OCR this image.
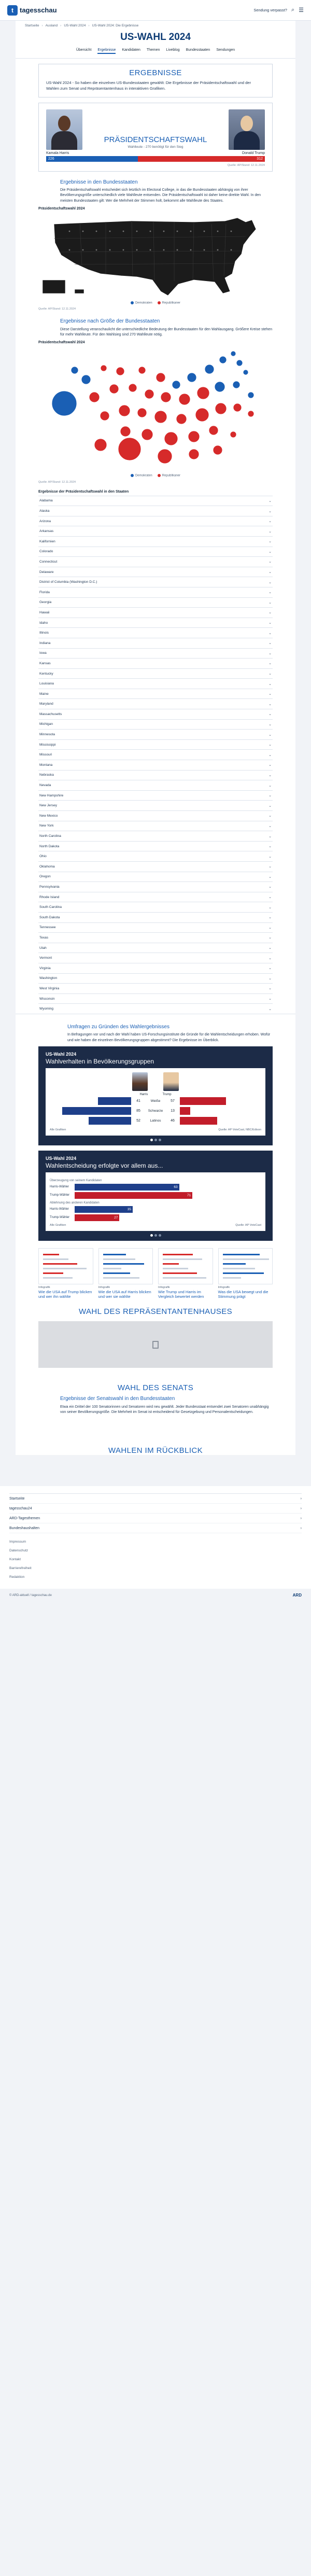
t tagesschau	Sendung verpasst? ⌕ ☰
Startseite › Ausland › US-Wahl 2024 › US-Wahl 2024: Die Ergebnisse
US-WAHL 2024
Übersicht Ergebnisse Kandidaten Themen Liveblog Bundesstaaten Sendungen
ERGEBNISSE

US-Wahl 2024 - So haben die einzelnen US-Bundesstaaten gewählt: Die Ergebnisse der Präsidentschaftswahl und der Wahlen zum Senat und Repräsentantenhaus in interaktiven Grafiken.

PRÄSIDENTSCHAFTSWAHL
Wahlleute - 270 benötigt für den Sieg
Kamala Harris	Donald Trump
226	312
Quelle: AP/Stand: 12.11.2024
Ergebnisse in den Bundesstaaten

Die Präsidentschaftswahl entscheidet sich letztlich im Electoral College, in das die Bundesstaaten abhängig von ihrer Bevölkerungsgröße unterschiedlich viele Wahlleute entsenden. Die Präsidentschaftswahl ist daher keine direkte Wahl. In den meisten Bundesstaaten gilt: Wer die Mehrheit der Stimmen holt, bekommt alle Wahlleute des Staates.

Präsidentschaftswahl 2024
Demokraten	Republikaner
Quelle: AP/Stand: 12.11.2024
Ergebnisse nach Größe der Bundesstaaten

Diese Darstellung veranschaulicht die unterschiedliche Bedeutung der Bundesstaaten für den Wahlausgang. Größere Kreise stehen für mehr Wahlleute. Für den Wahlsieg sind 270 Wahlleute nötig.

Präsidentschaftswahl 2024
Demokraten	Republikaner
Quelle: AP/Stand: 12.11.2024
Ergebnisse der Präsidentschaftswahl in den Staaten
Alabama	⌄
Alaska	⌄
Arizona	⌄
Arkansas	⌄
Kalifornien	⌄
Colorado	⌄
Connecticut	⌄
Delaware	⌄
District of Columbia (Washington D.C.)	⌄
Florida	⌄
Georgia	⌄
Hawaii	⌄
Idaho	⌄
Illinois	⌄
Indiana	⌄
Iowa	⌄
Kansas	⌄
Kentucky	⌄
Louisiana	⌄
Maine	⌄
Maryland	⌄
Massachusetts	⌄
Michigan	⌄
Minnesota	⌄
Mississippi	⌄
Missouri	⌄
Montana	⌄
Nebraska	⌄
Nevada	⌄
New Hampshire	⌄
New Jersey	⌄
New Mexico	⌄
New York	⌄
North Carolina	⌄
North Dakota	⌄
Ohio	⌄
Oklahoma	⌄
Oregon	⌄
Pennsylvania	⌄
Rhode Island	⌄
South Carolina	⌄
South Dakota	⌄
Tennessee	⌄
Texas	⌄
Utah	⌄
Vermont	⌄
Virginia	⌄
Washington	⌄
West Virginia	⌄
Wisconsin	⌄
Wyoming	⌄
Umfragen zu Gründen des Wahlergebnisses

In Befragungen vor und nach der Wahl haben US-Forschungsinstitute die Gründe für die Wahlentscheidungen erhoben. Wofür und wie haben die einzelnen Bevölkerungsgruppen abgestimmt? Die Ergebnisse im Überblick.

US-Wahl 2024
Wahlverhalten in Bevölkerungsgruppen
Harris	Trump
41	Weiße	57
85	Schwarze	13
52	Latinos	46
Alle Grafiken	Quelle: AP VoteCast, NBC/Edison
US-Wahl 2024
Wahlentscheidung erfolgte vor allem aus...
Überzeugung von seinem Kandidaten
Harris-Wähler	63
Trump-Wähler	71
Ablehnung des anderen Kandidaten
Harris-Wähler	35
Trump-Wähler	27
Alle Grafiken	Quelle: AP VoteCast
Infografik
Wie die USA auf Trump blicken und wer ihn wählte
Infografik
Wie die USA auf Harris blicken und wer sie wählte
Infografik
Wie Trump und Harris im Vergleich bewertet werden
Infografik
Was die USA bewegt und die Stimmung prägt
WAHL DES REPRÄSENTANTENHAUSES
WAHL DES SENATS
Ergebnisse der Senatswahl in den Bundesstaaten

Etwa ein Drittel der 100 Senatorinnen und Senatoren wird neu gewählt. Jeder Bundesstaat entsendet zwei Senatoren unabhängig von seiner Bevölkerungsgröße. Die Mehrheit im Senat ist entscheidend für Gesetzgebung und Personalentscheidungen.

WAHLEN IM RÜCKBLICK
Startseite	›
tagesschau24	›
ARD-Tagesthemen	›
Bundeshaushalten	›
Impressum
Datenschutz
Kontakt
Barrierefreiheit
Redaktion
© ARD-aktuell / tagesschau.de	ARD
